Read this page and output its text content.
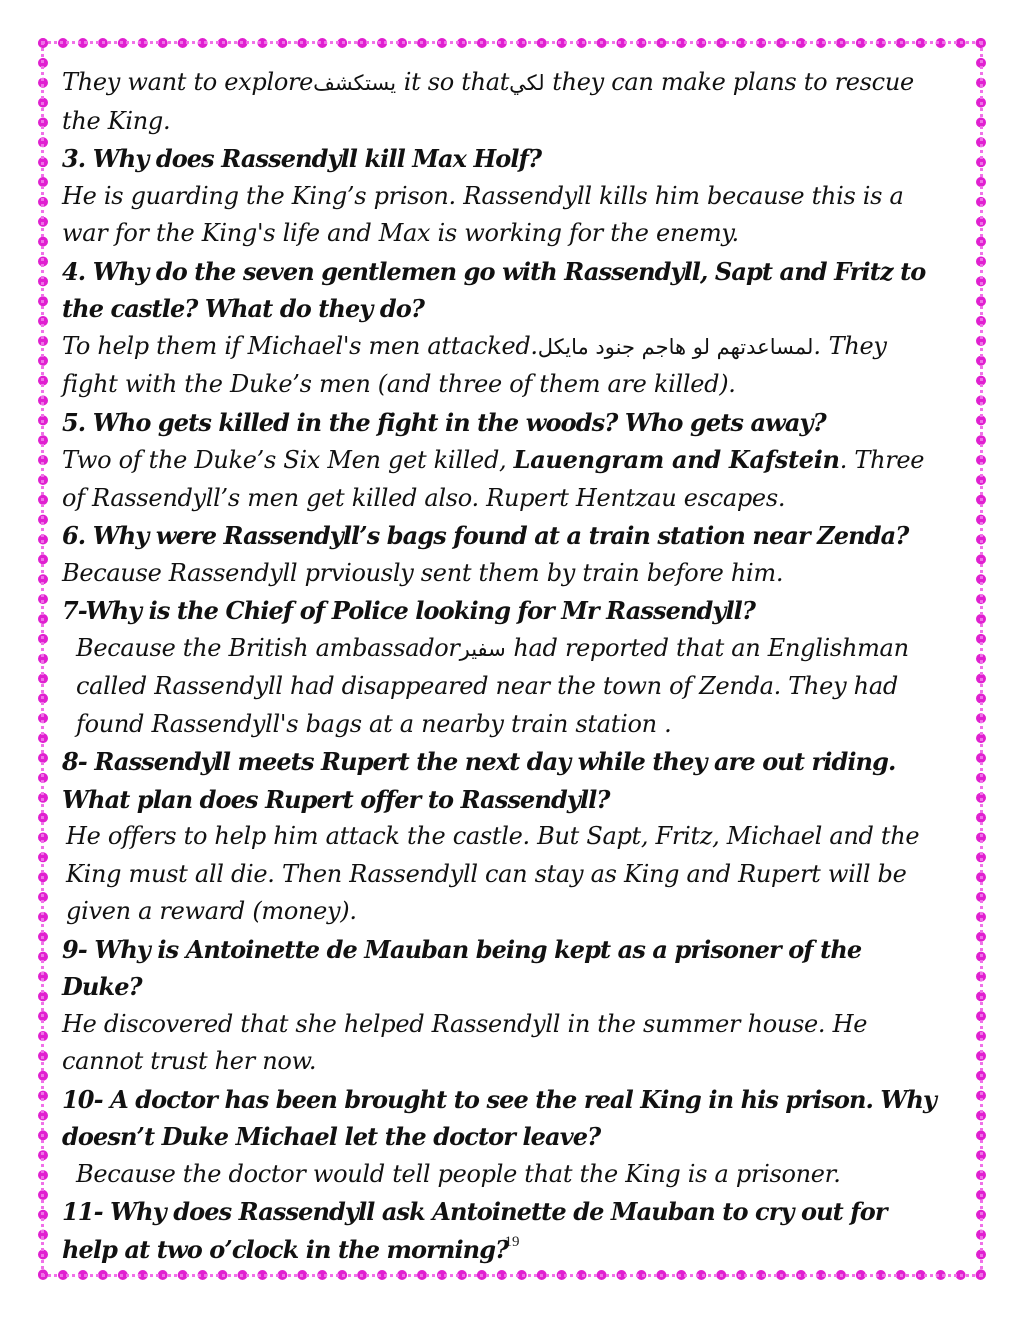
They want to exploreيستكشف it so thatلكي they can make plans to rescue the King.

3. Why does Rassendyll kill Max Holf?

He is guarding the King’s prison. Rassendyll kills him because this is a war for the King's life and Max is working for the enemy.

4. Why do the seven gentlemen go with Rassendyll, Sapt and Fritz to the castle? What do they do?

To help them if Michael's men attacked.لمساعدتهم لو هاجم جنود مايكل. They fight with the Duke’s men (and three of them are killed).

5. Who gets killed in the fight in the woods? Who gets away?

Two of the Duke’s Six Men get killed, Lauengram and Kafstein. Three of Rassendyll’s men get killed also. Rupert Hentzau escapes.

6. Why were Rassendyll’s bags found at a train station near Zenda?

Because Rassendyll prviously sent them by train before him.

7-Why is the Chief of Police looking for Mr Rassendyll?

Because the British ambassadorسفير had reported that an Englishman called Rassendyll had disappeared near the town of Zenda. They had found Rassendyll's bags at a nearby train station .

8- Rassendyll meets Rupert the next day while they are out riding. What plan does Rupert offer to Rassendyll?

He offers to help him attack the castle. But Sapt, Fritz, Michael and the King must all die. Then Rassendyll can stay as King and Rupert will be given a reward (money).

9- Why is Antoinette de Mauban being kept as a prisoner of the Duke?

He discovered that she helped Rassendyll in the summer house. He cannot trust her now.

10- A doctor has been brought to see the real King in his prison. Why doesn’t Duke Michael let the doctor leave?

Because the doctor would tell people that the King is a prisoner.

11- Why does Rassendyll ask Antoinette de Mauban to cry out for help at two o’clock in the morning?

19
